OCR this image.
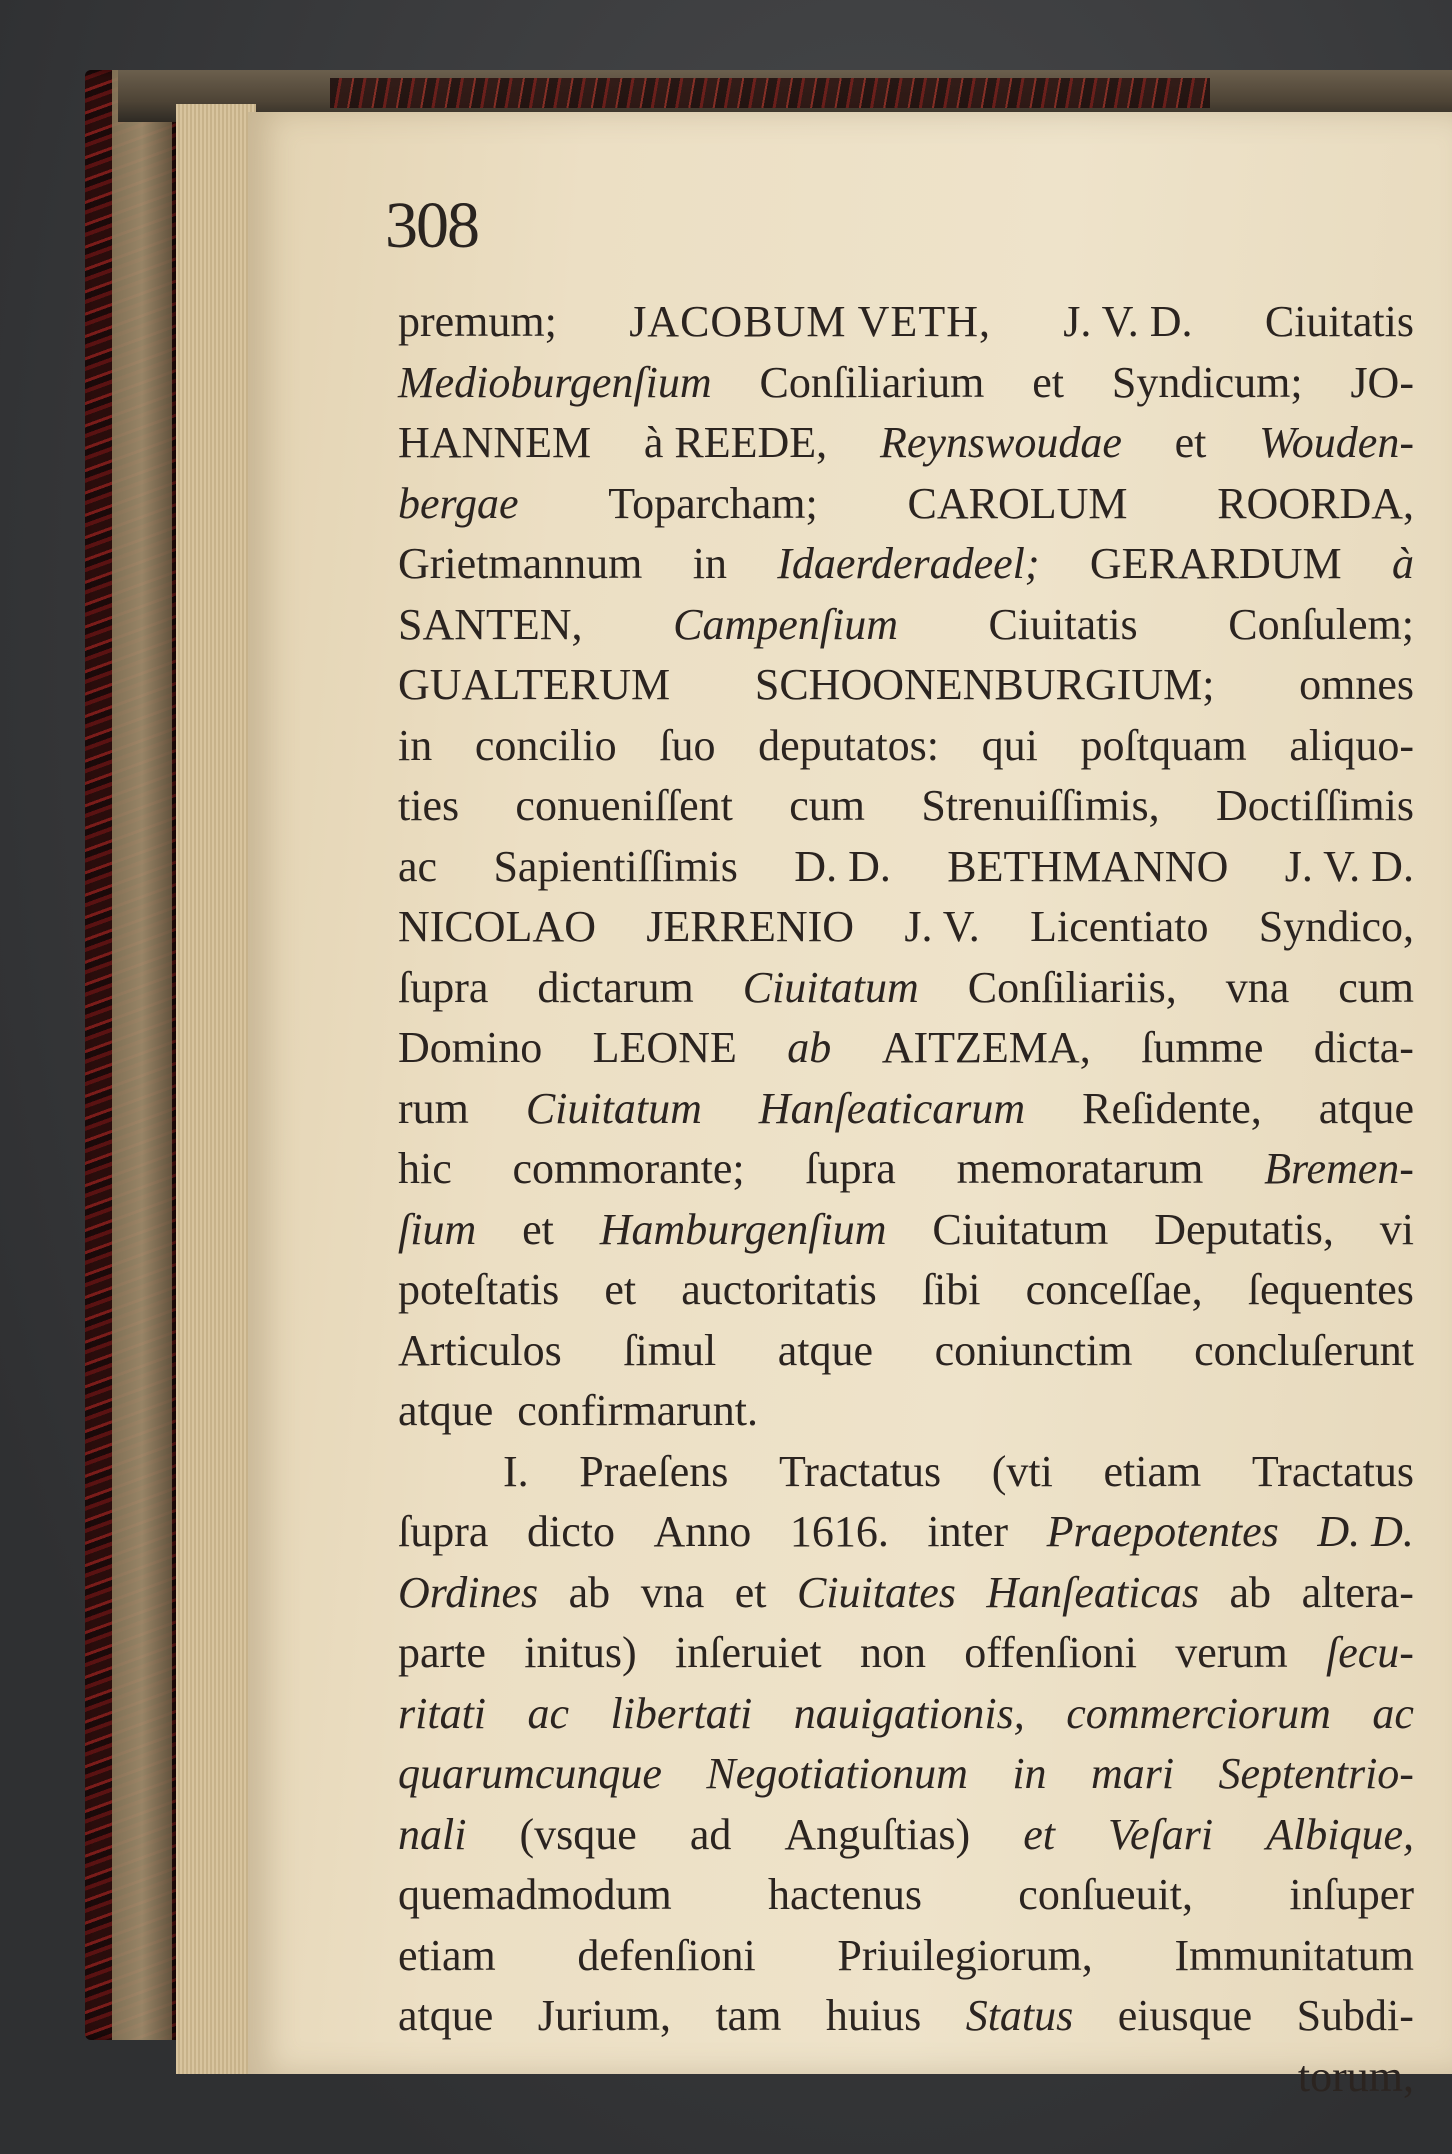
308
premum; JACOBUM VETH, J. V. D. Ciuitatis
Medioburgenſium Conſiliarium et Syndicum; JO-
HANNEM à REEDE, Reynswoudae et Wouden-
bergae Toparcham; CAROLUM ROORDA,
Grietmannum in Idaerderadeel; GERARDUM à
SANTEN, Campenſium Ciuitatis Conſulem;
GUALTERUM SCHOONENBURGIUM; omnes
in concilio ſuo deputatos: qui poſtquam aliquo-
ties conueniſſent cum Strenuiſſimis, Doctiſſimis
ac Sapientiſſimis D. D. BETHMANNO J. V. D.
NICOLAO JERRENIO J. V. Licentiato Syndico,
ſupra dictarum Ciuitatum Conſiliariis, vna cum
Domino LEONE ab AITZEMA, ſumme dicta-
rum Ciuitatum Hanſeaticarum Reſidente, atque
hic commorante; ſupra memoratarum Bremen-
ſium et Hamburgenſium Ciuitatum Deputatis, vi
poteſtatis et auctoritatis ſibi conceſſae, ſequentes
Articulos ſimul atque coniunctim concluſerunt
atque confirmarunt.
I. Praeſens Tractatus (vti etiam Tractatus
ſupra dicto Anno 1616. inter Praepotentes D. D.
Ordines ab vna et Ciuitates Hanſeaticas ab altera-
parte initus) inſeruiet non offenſioni verum ſecu-
ritati ac libertati nauigationis, commerciorum ac
quarumcunque Negotiationum in mari Septentrio-
nali (vsque ad Anguſtias) et Veſari Albique,
quemadmodum hactenus conſueuit, inſuper
etiam defenſioni Priuilegiorum, Immunitatum
atque Jurium, tam huius Status eiusque Subdi-
torum,
